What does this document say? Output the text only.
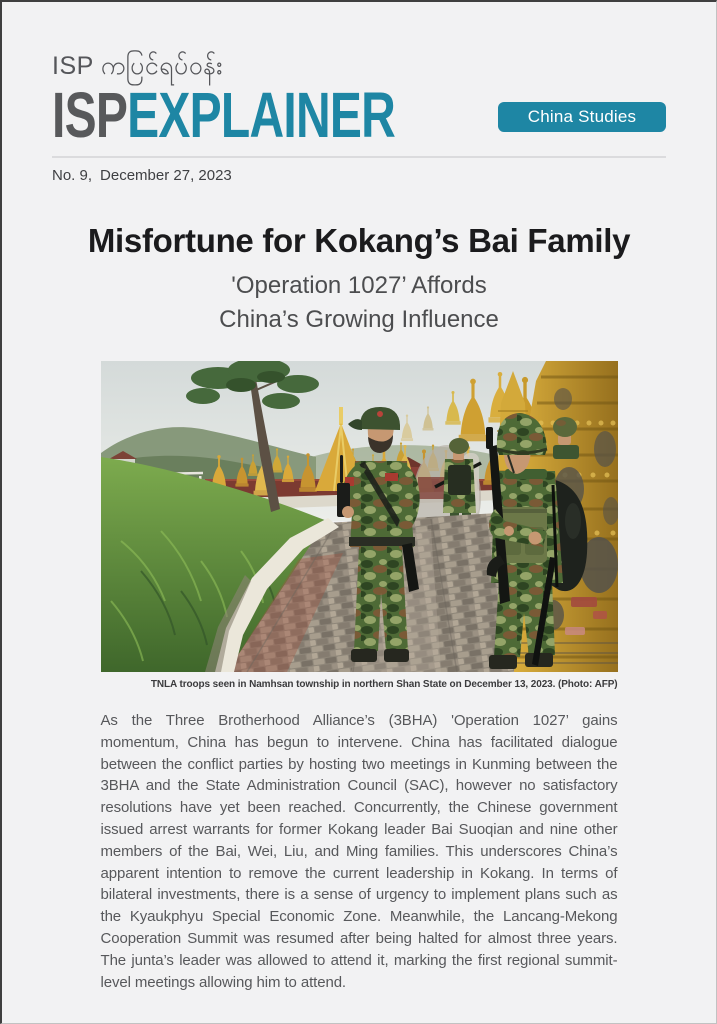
ISP ကပြင်ရပ်ဝန်း
ISPEXPLAINER	China Studies
No. 9, December 27, 2023
Misfortune for Kokang’s Bai Family
'Operation 1027’ Affords
China’s Growing Influence
TNLA troops seen in Namhsan township in northern Shan State on December 13, 2023. (Photo: AFP)

As the Three Brotherhood Alliance’s (3BHA) 'Operation 1027’ gains momentum, China has begun to intervene. China has facilitated dialogue between the conflict parties by hosting two meetings in Kunming between the 3BHA and the State Administration Council (SAC), however no satisfactory resolutions have yet been reached. Concurrently, the Chinese government issued arrest warrants for former Kokang leader Bai Suoqian and nine other members of the Bai, Wei, Liu, and Ming families. This underscores China’s apparent intention to remove the current leadership in Kokang. In terms of bilateral investments, there is a sense of urgency to implement plans such as the Kyaukphyu Special Economic Zone. Meanwhile, the Lancang-Mekong Cooperation Summit was resumed after being halted for almost three years. The junta’s leader was allowed to attend it, marking the first regional summit-level meetings allowing him to attend.
